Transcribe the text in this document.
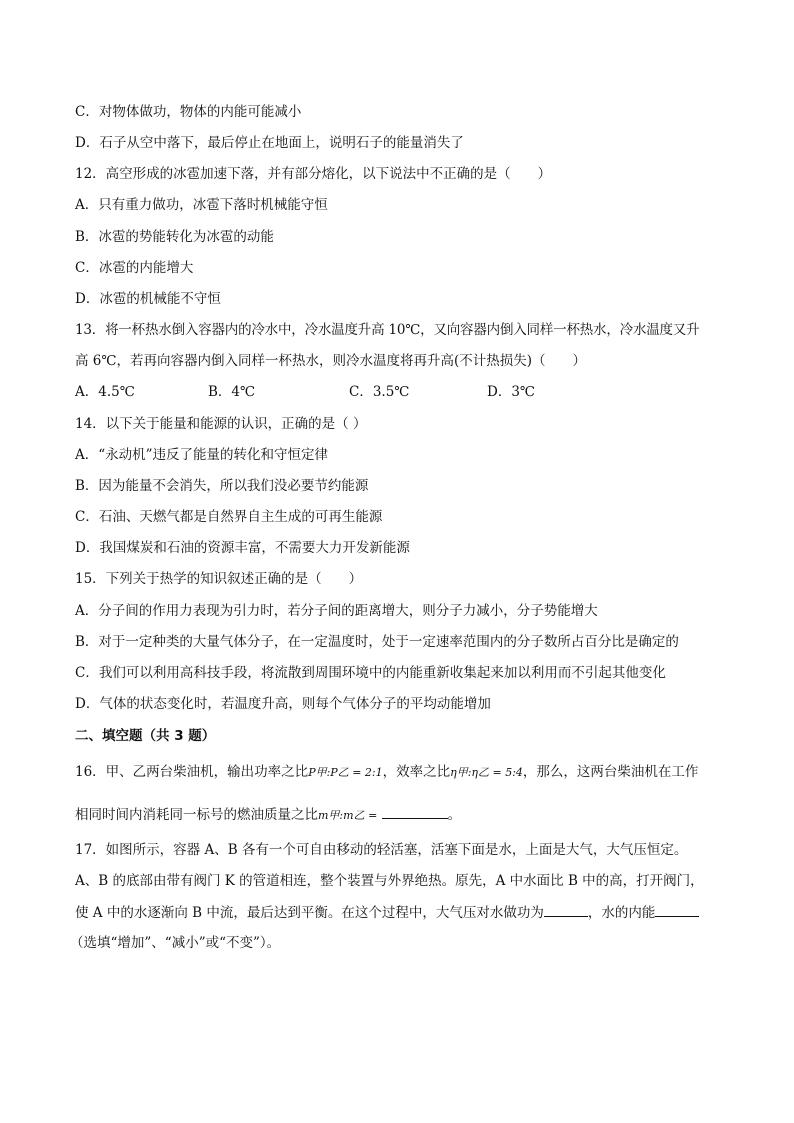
C．对物体做功，物体的内能可能减小
D．石子从空中落下，最后停止在地面上，说明石子的能量消失了
12．高空形成的冰雹加速下落，并有部分熔化，以下说法中不正确的是（　　）
A．只有重力做功，冰雹下落时机械能守恒
B．冰雹的势能转化为冰雹的动能
C．冰雹的内能增大
D．冰雹的机械能不守恒
13．将一杯热水倒入容器内的冷水中，冷水温度升高 10℃，又向容器内倒入同样一杯热水，冷水温度又升
高 6℃，若再向容器内倒入同样一杯热水，则冷水温度将再升高(不计热损失)（　　）
A．4.5℃	B．4℃	C．3.5℃	D．3℃
14．以下关于能量和能源的认识，正确的是（ ）
A．“永动机”违反了能量的转化和守恒定律
B．因为能量不会消失，所以我们没必要节约能源
C．石油、天燃气都是自然界自主生成的可再生能源
D．我国煤炭和石油的资源丰富，不需要大力开发新能源
15．下列关于热学的知识叙述正确的是（　　）
A．分子间的作用力表现为引力时，若分子间的距离增大，则分子力减小，分子势能增大
B．对于一定种类的大量气体分子，在一定温度时，处于一定速率范围内的分子数所占百分比是确定的
C．我们可以利用高科技手段，将流散到周围环境中的内能重新收集起来加以利用而不引起其他变化
D．气体的状态变化时，若温度升高，则每个气体分子的平均动能增加
二、填空题（共 3 题）
16．甲、乙两台柴油机，输出功率之比P甲:P乙 = 2:1，效率之比η甲:η乙 = 5:4，那么，这两台柴油机在工作
相同时间内消耗同一标号的燃油质量之比m甲:m乙 =	。
17．如图所示，容器 A、B 各有一个可自由移动的轻活塞，活塞下面是水，上面是大气，大气压恒定。
A、B 的底部由带有阀门 K 的管道相连，整个装置与外界绝热。原先，A 中水面比 B 中的高，打开阀门，
使 A 中的水逐渐向 B 中流，最后达到平衡。在这个过程中，大气压对水做功为	，水的内能
（选填“增加”、“减小”或“不变”）。
